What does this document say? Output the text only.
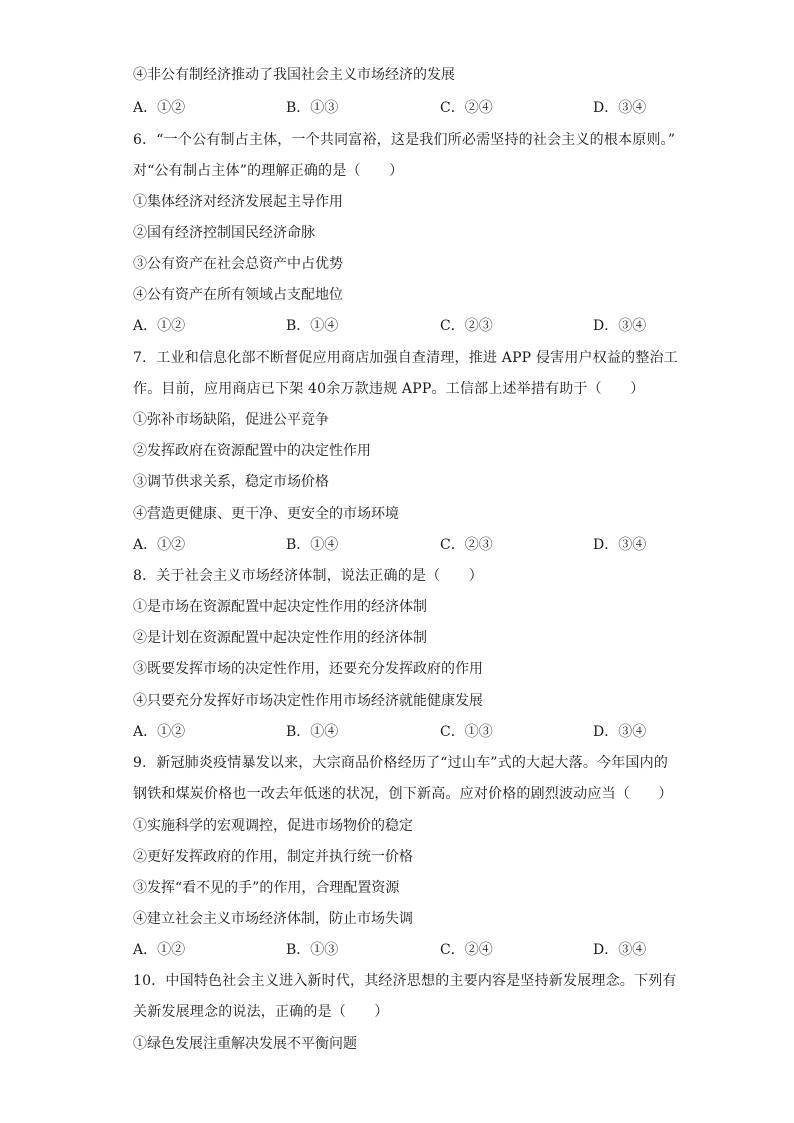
④非公有制经济推动了我国社会主义市场经济的发展
A．①②	B．①③	C．②④	D．③④
6．“一个公有制占主体，一个共同富裕，这是我们所必需坚持的社会主义的根本原则。”
对“公有制占主体”的理解正确的是（　　）
①集体经济对经济发展起主导作用
②国有经济控制国民经济命脉
③公有资产在社会总资产中占优势
④公有资产在所有领域占支配地位
A．①②	B．①④	C．②③	D．③④
7．工业和信息化部不断督促应用商店加强自查清理，推进 APP 侵害用户权益的整治工
作。目前，应用商店已下架 40余万款违规 APP。工信部上述举措有助于（　　）
①弥补市场缺陷，促进公平竞争
②发挥政府在资源配置中的决定性作用
③调节供求关系，稳定市场价格
④营造更健康、更干净、更安全的市场环境
A．①②	B．①④	C．②③	D．③④
8．关于社会主义市场经济体制，说法正确的是（　　）
①是市场在资源配置中起决定性作用的经济体制
②是计划在资源配置中起决定性作用的经济体制
③既要发挥市场的决定性作用，还要充分发挥政府的作用
④只要充分发挥好市场决定性作用市场经济就能健康发展
A．①②	B．①④	C．①③	D．③④
9．新冠肺炎疫情暴发以来，大宗商品价格经历了“过山车”式的大起大落。今年国内的
钢铁和煤炭价格也一改去年低迷的状况，创下新高。应对价格的剧烈波动应当（　　）
①实施科学的宏观调控，促进市场物价的稳定
②更好发挥政府的作用，制定并执行统一价格
③发挥“看不见的手”的作用，合理配置资源
④建立社会主义市场经济体制，防止市场失调
A．①②	B．①③	C．②④	D．③④
10．中国特色社会主义进入新时代，其经济思想的主要内容是坚持新发展理念。下列有
关新发展理念的说法，正确的是（　　）
①绿色发展注重解决发展不平衡问题
